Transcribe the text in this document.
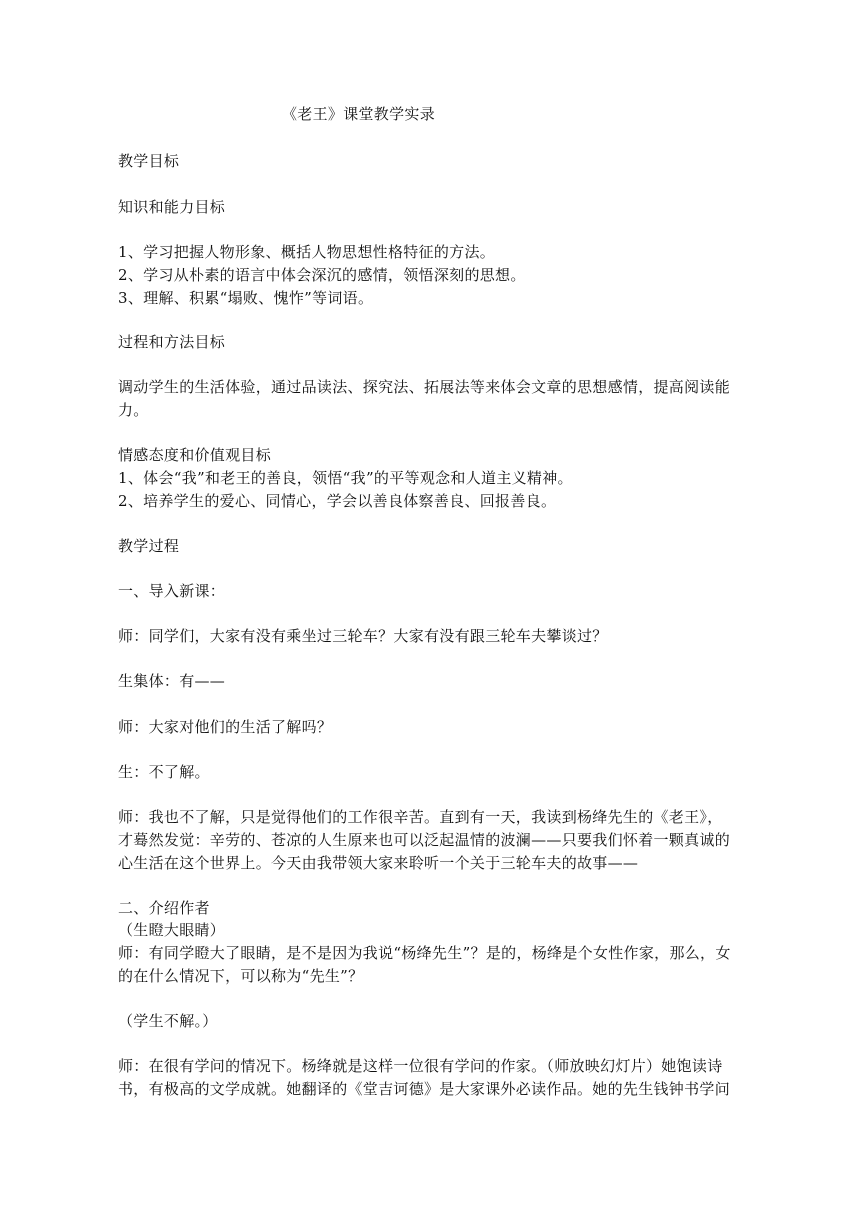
《老王》课堂教学实录
教学目标
知识和能力目标
1、学习把握人物形象、概括人物思想性格特征的方法。
2、学习从朴素的语言中体会深沉的感情，领悟深刻的思想。
3、理解、积累“塌败、愧怍”等词语。
过程和方法目标
调动学生的生活体验，通过品读法、探究法、拓展法等来体会文章的思想感情，提高阅读能
力。
情感态度和价值观目标
1、体会“我”和老王的善良，领悟“我”的平等观念和人道主义精神。
2、培养学生的爱心、同情心，学会以善良体察善良、回报善良。
教学过程
一、导入新课：
师：同学们，大家有没有乘坐过三轮车？大家有没有跟三轮车夫攀谈过？
生集体：有——
师：大家对他们的生活了解吗？
生：不了解。
师：我也不了解，只是觉得他们的工作很辛苦。直到有一天，我读到杨绛先生的《老王》，
才蓦然发觉：辛劳的、苍凉的人生原来也可以泛起温情的波澜——只要我们怀着一颗真诚的
心生活在这个世界上。今天由我带领大家来聆听一个关于三轮车夫的故事——
二、介绍作者
（生瞪大眼睛）
师：有同学瞪大了眼睛，是不是因为我说“杨绛先生”？是的，杨绛是个女性作家，那么，女
的在什么情况下，可以称为“先生”？
（学生不解。）
师：在很有学问的情况下。杨绛就是这样一位很有学问的作家。（师放映幻灯片）她饱读诗
书，有极高的文学成就。她翻译的《堂吉诃德》是大家课外必读作品。她的先生钱钟书学问
